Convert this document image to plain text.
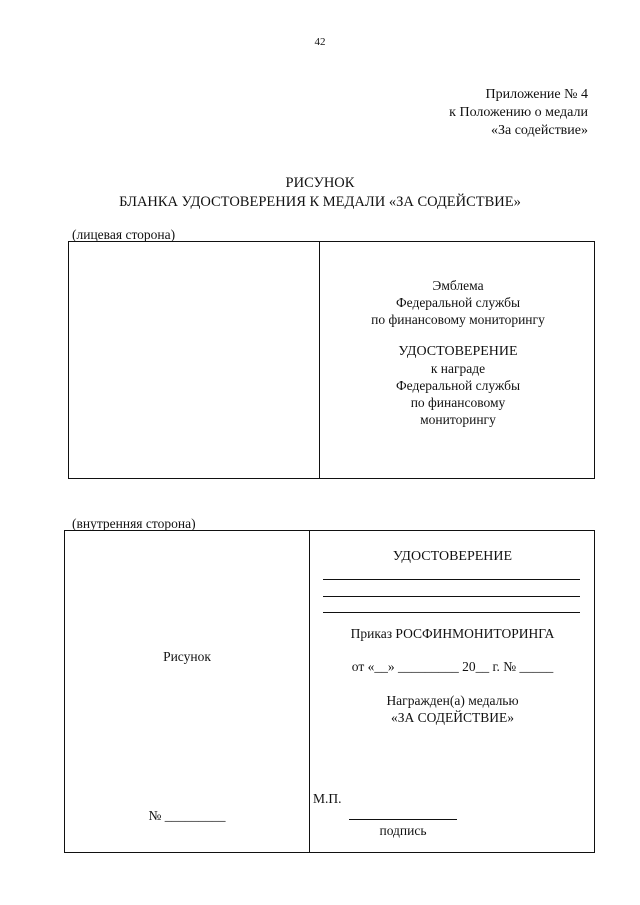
42
Приложение № 4
к Положению о медали
«За содействие»
РИСУНОК
БЛАНКА УДОСТОВЕРЕНИЯ К МЕДАЛИ «ЗА СОДЕЙСТВИЕ»
(лицевая сторона)
Эмблема
Федеральной службы
по финансовому мониторингу
УДОСТОВЕРЕНИЕ
к награде
Федеральной службы
по финансовому
мониторингу
(внутренняя сторона)
Рисунок
№ _________
УДОСТОВЕРЕНИЕ
Приказ РОСФИНМОНИТОРИНГА
от «__» _________ 20__ г. № _____
Награжден(а) медалью
«ЗА СОДЕЙСТВИЕ»
М.П.
подпись
